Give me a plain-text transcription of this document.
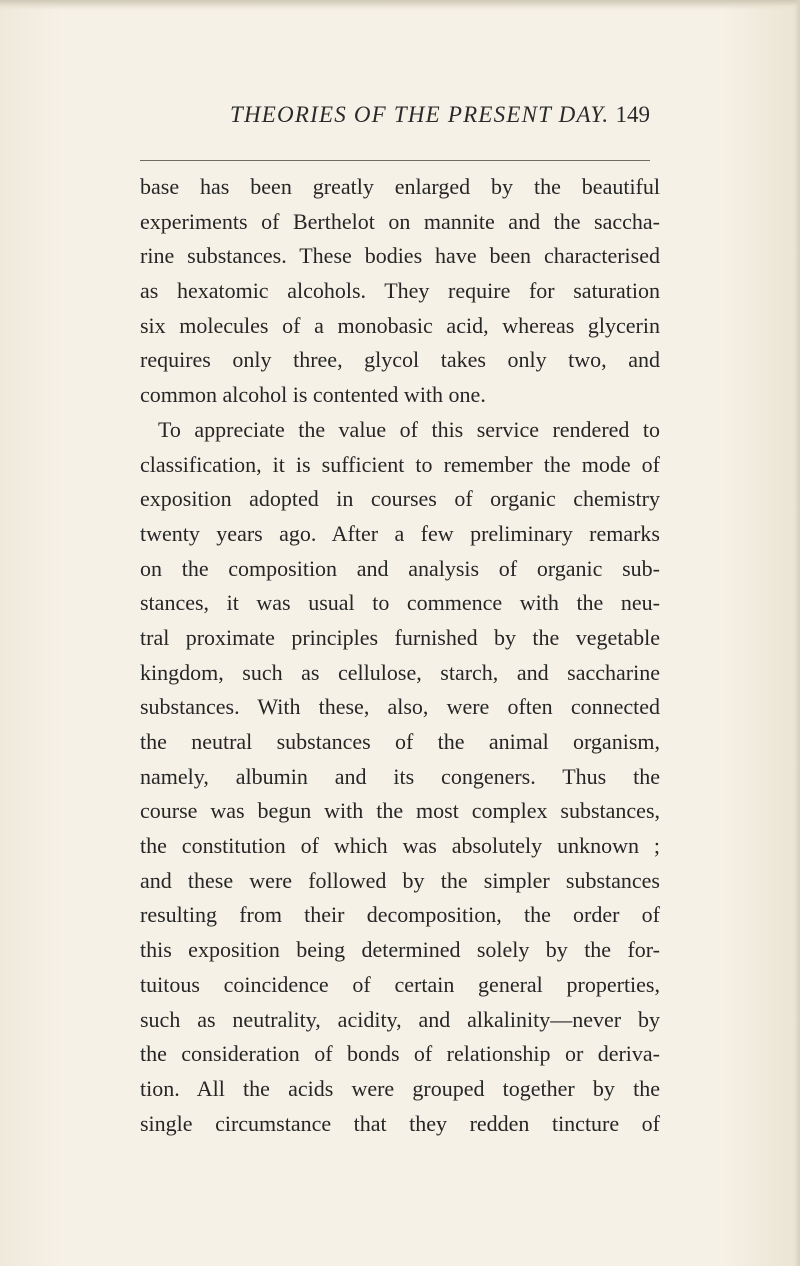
THEORIES OF THE PRESENT DAY. 149
base has been greatly enlarged by the beautiful
experiments of Berthelot on mannite and the saccha-
rine substances. These bodies have been characterised
as hexatomic alcohols. They require for saturation
six molecules of a monobasic acid, whereas glycerin
requires only three, glycol takes only two, and
common alcohol is contented with one.
To appreciate the value of this service rendered to
classification, it is sufficient to remember the mode of
exposition adopted in courses of organic chemistry
twenty years ago. After a few preliminary remarks
on the composition and analysis of organic sub-
stances, it was usual to commence with the neu-
tral proximate principles furnished by the vegetable
kingdom, such as cellulose, starch, and saccharine
substances. With these, also, were often connected
the neutral substances of the animal organism,
namely, albumin and its congeners. Thus the
course was begun with the most complex substances,
the constitution of which was absolutely unknown ;
and these were followed by the simpler substances
resulting from their decomposition, the order of
this exposition being determined solely by the for-
tuitous coincidence of certain general properties,
such as neutrality, acidity, and alkalinity—never by
the consideration of bonds of relationship or deriva-
tion. All the acids were grouped together by the
single circumstance that they redden tincture of
